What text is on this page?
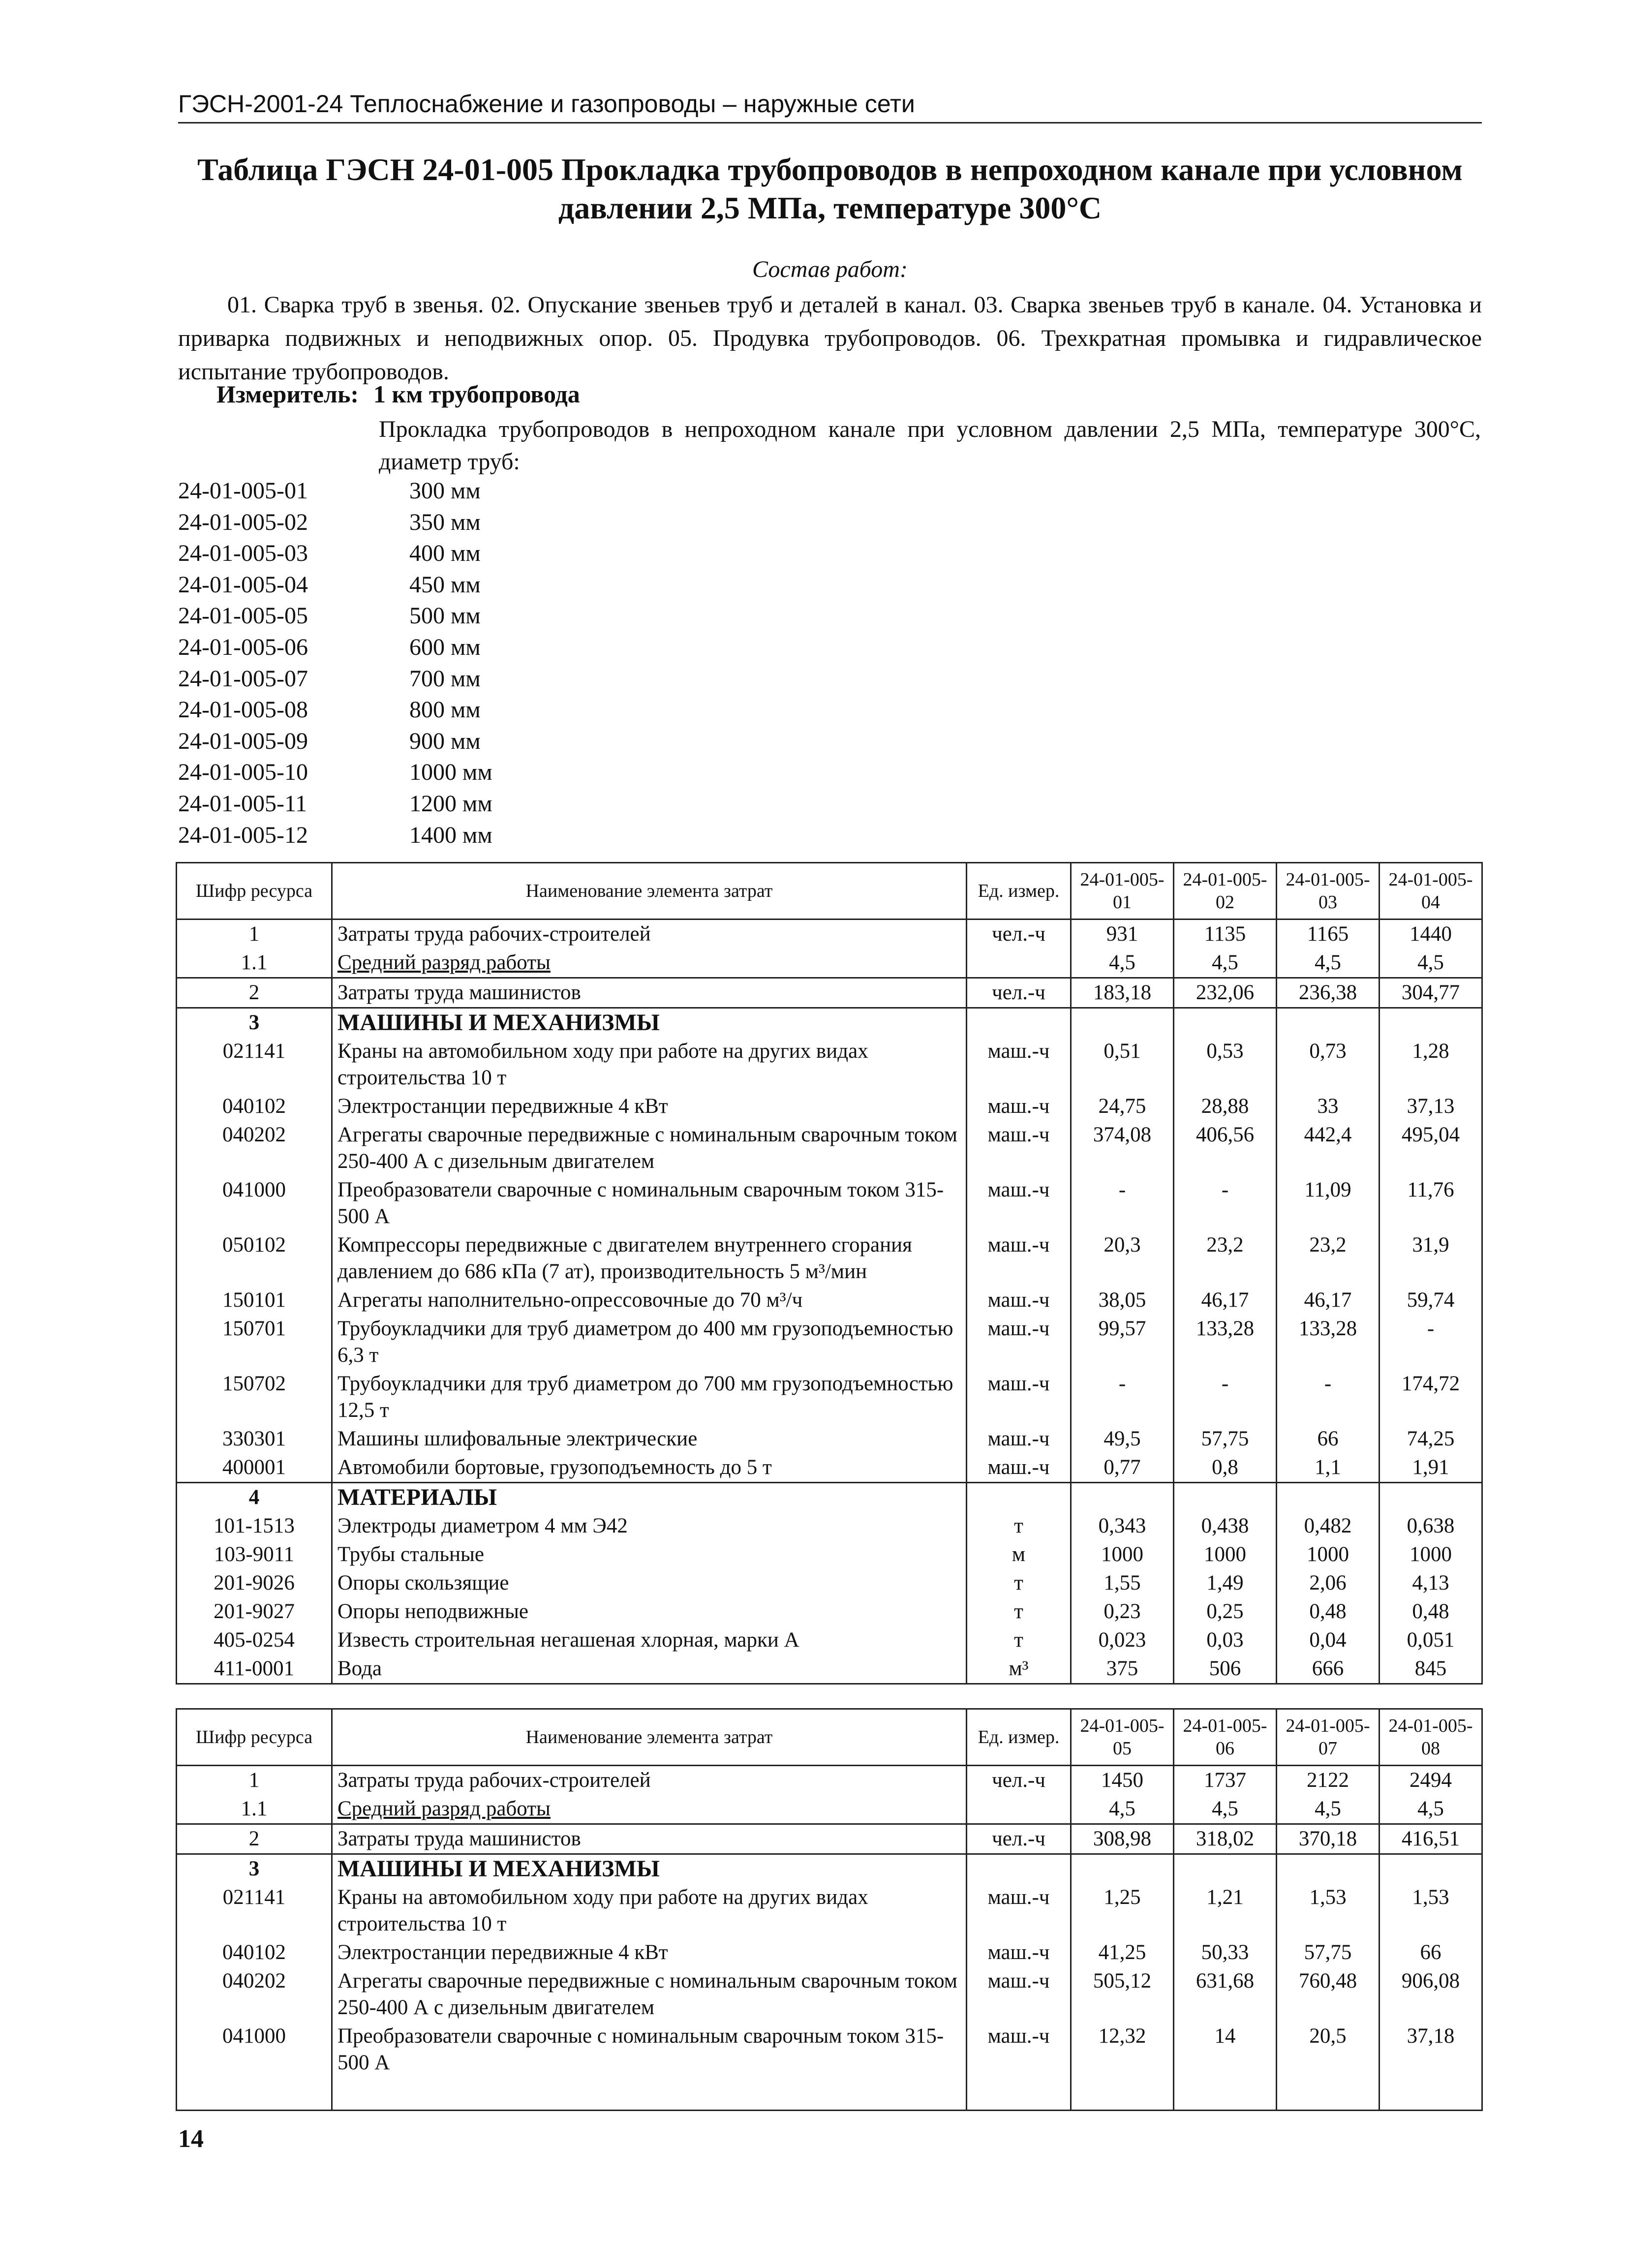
ГЭСН-2001-24 Теплоснабжение и газопроводы – наружные сети
Таблица ГЭСН 24-01-005 Прокладка трубопроводов в непроходном канале при условном давлении 2,5 МПа, температуре 300°С
Состав работ:
01. Сварка труб в звенья. 02. Опускание звеньев труб и деталей в канал. 03. Сварка звеньев труб в канале. 04. Установка и приварка подвижных и неподвижных опор. 05. Продувка трубопроводов. 06. Трехкратная промывка и гидравлическое испытание трубопроводов.
Измеритель: 1 км трубопровода
Прокладка трубопроводов в непроходном канале при условном давлении 2,5 МПа, температуре 300°С, диаметр труб:
24-01-005-01	300 мм
24-01-005-02	350 мм
24-01-005-03	400 мм
24-01-005-04	450 мм
24-01-005-05	500 мм
24-01-005-06	600 мм
24-01-005-07	700 мм
24-01-005-08	800 мм
24-01-005-09	900 мм
24-01-005-10	1000 мм
24-01-005-11	1200 мм
24-01-005-12	1400 мм
Шифр ресурса	Наименование элемента затрат	Ед. измер.	24-01-005-01	24-01-005-02	24-01-005-03	24-01-005-04
1	Затраты труда рабочих-строителей	чел.-ч	931	1135	1165	1440
1.1	Средний разряд работы		4,5	4,5	4,5	4,5
2	Затраты труда машинистов	чел.-ч	183,18	232,06	236,38	304,77
3	МАШИНЫ И МЕХАНИЗМЫ					
021141	Краны на автомобильном ходу при работе на других видах строительства 10 т	маш.-ч	0,51	0,53	0,73	1,28
040102	Электростанции передвижные 4 кВт	маш.-ч	24,75	28,88	33	37,13
040202	Агрегаты сварочные передвижные с номинальным сварочным током 250-400 А с дизельным двигателем	маш.-ч	374,08	406,56	442,4	495,04
041000	Преобразователи сварочные с номинальным сварочным током 315-500 А	маш.-ч	-	-	11,09	11,76
050102	Компрессоры передвижные с двигателем внутреннего сгорания давлением до 686 кПа (7 ат), производительность 5 м³/мин	маш.-ч	20,3	23,2	23,2	31,9
150101	Агрегаты наполнительно-опрессовочные до 70 м³/ч	маш.-ч	38,05	46,17	46,17	59,74
150701	Трубоукладчики для труб диаметром до 400 мм грузоподъемностью 6,3 т	маш.-ч	99,57	133,28	133,28	-
150702	Трубоукладчики для труб диаметром до 700 мм грузоподъемностью 12,5 т	маш.-ч	-	-	-	174,72
330301	Машины шлифовальные электрические	маш.-ч	49,5	57,75	66	74,25
400001	Автомобили бортовые, грузоподъемность до 5 т	маш.-ч	0,77	0,8	1,1	1,91
4	МАТЕРИАЛЫ					
101-1513	Электроды диаметром 4 мм Э42	т	0,343	0,438	0,482	0,638
103-9011	Трубы стальные	м	1000	1000	1000	1000
201-9026	Опоры скользящие	т	1,55	1,49	2,06	4,13
201-9027	Опоры неподвижные	т	0,23	0,25	0,48	0,48
405-0254	Известь строительная негашеная хлорная, марки А	т	0,023	0,03	0,04	0,051
411-0001	Вода	м³	375	506	666	845
Шифр ресурса	Наименование элемента затрат	Ед. измер.	24-01-005-05	24-01-005-06	24-01-005-07	24-01-005-08
1	Затраты труда рабочих-строителей	чел.-ч	1450	1737	2122	2494
1.1	Средний разряд работы		4,5	4,5	4,5	4,5
2	Затраты труда машинистов	чел.-ч	308,98	318,02	370,18	416,51
3	МАШИНЫ И МЕХАНИЗМЫ					
021141	Краны на автомобильном ходу при работе на других видах строительства 10 т	маш.-ч	1,25	1,21	1,53	1,53
040102	Электростанции передвижные 4 кВт	маш.-ч	41,25	50,33	57,75	66
040202	Агрегаты сварочные передвижные с номинальным сварочным током 250-400 А с дизельным двигателем	маш.-ч	505,12	631,68	760,48	906,08
041000	Преобразователи сварочные с номинальным сварочным током 315-500 А	маш.-ч	12,32	14	20,5	37,18

14
